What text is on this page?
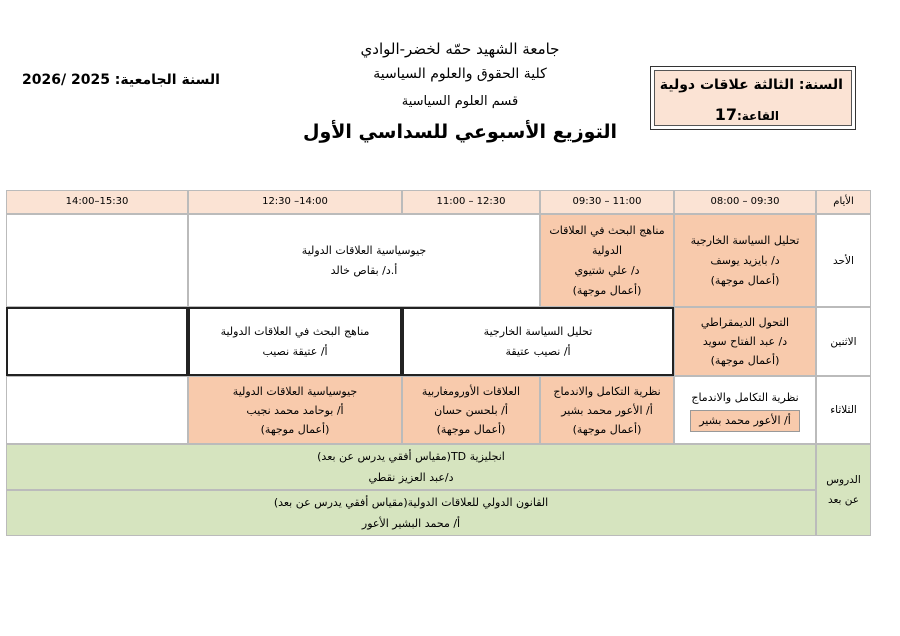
جامعة الشهيد حمّه لخضر-الوادي
كلية الحقوق والعلوم السياسية
قسم العلوم السياسية
التوزيع الأسبوعي للسداسي الأول
السنة الجامعية: 2025 /2026	السنة: الثالثة علاقات دولية
القاعة:17
الأيام
08:00 – 09:30
09:30 – 11:00
11:00 – 12:30
12:30 –14:00
14:00–15:30
الأحد
تحليل السياسة الخارجية
د/ بايزيد يوسف
(أعمال موجهة)
مناهج البحث في العلاقات
الدولية
د/ علي شتيوي
(أعمال موجهة)
جيوسياسية العلاقات الدولية
أ.د/ بقاص خالد
الاثنين
التحول الديمقراطي
د/ عبد الفتاح سويد
(أعمال موجهة)
تحليل السياسة الخارجية
أ/ نصيب عتيقة
مناهج البحث في العلاقات الدولية
أ/ عتيقة نصيب
الثلاثاء
نظرية التكامل والاندماج
أ/ الأعور محمد بشير
نظرية التكامل والاندماج
أ/ الأعور محمد بشير
(أعمال موجهة)
العلاقات الأورومغاربية
أ/ بلحسن حسان
(أعمال موجهة)
جيوسياسية العلاقات الدولية
أ/ بوحامد محمد نجيب
(أعمال موجهة)
الدروس
عن بعد
انجليزية TD(مقياس أفقي يدرس عن بعد)
د/عبد العزيز نقطي
القانون الدولي للعلاقات الدولية(مقياس أفقي يدرس عن بعد)
أ/ محمد البشير الأعور
